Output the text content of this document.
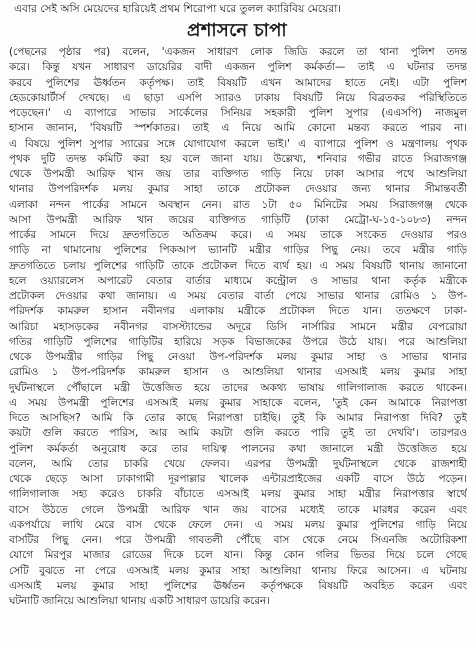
এবার সেই অসি মেয়েদের হারিয়েই প্রথম শিরোপা ঘরে তুলল ক্যারিবিয় মেয়েরা।
প্রশাসনে চাপা
(পেছনের পৃষ্ঠার পর) বলেন, 'একজন সাধারণ লোক জিডি করলে তা থানা পুলিশ তদন্ত
করে। কিন্তু যখন সাধারণ ডায়েরির বাদী একজন পুলিশ কর্মকর্তা— তাই এ ঘটনার তদন্ত
করবে পুলিশের ঊর্ধ্বতন কর্তৃপক্ষ। তাই বিষয়টি এখন আমাদের হাতে নেই। এটা পুলিশ
হেডকোয়ার্টার্স দেখছে। এ ছাড়া এসপি স্যারও ঢাকায় বিষয়টি নিয়ে বিব্রতকর পরিস্থিতিতে
পড়েছেন।' এ ব্যাপারে সাভার সার্কেলের সিনিয়র সহকারী পুলিশ সুপার (এএসপি) নাজমুল
হাসান জানান, 'বিষয়টি স্পর্শকাতর। তাই এ নিয়ে আমি কোনো মন্তব্য করতে পারব না।
এ বিষয়ে পুলিশ সুপার স্যারের সঙ্গে যোগাযোগ করলে ভাই।' এ ব্যাপারে পুলিশ ও মন্ত্রণালয় পৃথক
পৃথক দুটি তদন্ত কমিটি করা হয় বলে জানা যায়। উল্লেখ্য, শনিবার গভীর রাতে সিরাজগঞ্জ
থেকে উপমন্ত্রী আরিফ খান জয় তার ব্যক্তিগত গাড়ি নিয়ে ঢাকা আসার পথে আশুলিয়া
থানার উপপরিদর্শক মলয় কুমার সাহা তাকে প্রটোকল দেওয়ার জন্য থানার সীমান্তবর্তী
এলাকা নন্দন পার্কের সামনে অবস্থান নেন। রাত ১টা ৫০ মিনিটের সময় সিরাজগঞ্জ থেকে
আসা উপমন্ত্রী আরিফ খান জয়ের ব্যক্তিগত গাড়িটি (ঢাকা মেট্রো-ঘ-১৫-১০৮৩) নন্দন
পার্কের সামনে দিয়ে দ্রুতগতিতে অতিক্রম করে। এ সময় তাকে সংকেত দেওয়ার পরও
গাড়ি না থামানোয় পুলিশের পিকআপ ভ্যানটি মন্ত্রীর গাড়ির পিছু নেয়। তবে মন্ত্রীর গাড়ি
দ্রুতগতিতে চলায় পুলিশের গাড়িটি তাকে প্রটোকল দিতে ব্যর্থ হয়। এ সময় বিষয়টি থানায় জানানো
হলে ওয়্যারলেস অপারেট বেতার বার্তার মাধ্যমে কন্ট্রোল ও সাভার থানা কর্তৃক মন্ত্রীকে
প্রটোকল দেওয়ার কথা জানায়। এ সময় বেতার বার্তা পেয়ে সাভার থানার রোমিও ১ উপ-
পরিদর্শক কামরুল হাসান নবীনগর এলাকায় মন্ত্রীকে প্রটোকল দিতে যান। ততক্ষণে ঢাকা-
আরিচা মহাসড়কের নবীনগর বাসস্ট্যান্ডের অদূরে ডিসি নার্সারির সামনে মন্ত্রীর বেপরোয়া
গতির গাড়িটি পুলিশের গাড়িটির হারিয়ে সড়ক বিভাজকের উপরে উঠে যায়। পরে আশুলিয়া
থেকে উপমন্ত্রীর গাড়ির পিছু নেওয়া উপ-পরিদর্শক মলয় কুমার সাহা ও সাভার থানার
রোমিও ১ উপ-পরিদর্শক কামরুল হাসান ও আশুলিয়া থানার এসআই মলয় কুমার সাহা
দুর্ঘটনাস্থলে পৌঁছালে মন্ত্রী উত্তেজিত হয়ে তাদের অকথ্য ভাষায় গালিগালাজ করতে থাকেন।
এ সময় উপমন্ত্রী পুলিশের এসআই মলয় কুমার সাহাকে বলেন, 'তুই কেন আমাকে নিরাপত্তা
দিতে আসছিস? আমি কি তোর কাছে নিরাপত্তা চাইছি। তুই কি আমার নিরাপত্তা দিবি? তুই
কয়টা গুলি করতে পারিস, আর আমি কয়টা গুলি করতে পারি তুই তা দেখবি'। তারপরও
পুলিশ কর্মকর্তা অনুরোধ করে তার দায়িত্ব পালনের কথা জানালে মন্ত্রী উত্তেজিত হয়ে
বলেন, আমি তোর চাকরি খেয়ে ফেলব। এরপর উপমন্ত্রী দুর্ঘটনাস্থলে থেকে রাজশাহী
থেকে ছেড়ে আসা ঢাকাগামী দূরপাল্লার খালেক এন্টারপ্রাইজের একটি বাসে উঠে পড়েন।
গালিগালাজ সহ্য করেও চাকরি বাঁচাতে এসআই মলয় কুমার সাহা মন্ত্রীর নিরাপত্তার স্বার্থে
বাসে উঠতে গেলে উপমন্ত্রী আরিফ খান জয় বাসের মধ্যেই তাকে মারধর করেন এবং
একপর্যায়ে লাথি মেরে বাস থেকে ফেলে দেন। এ সময় মলয় কুমার পুলিশের গাড়ি নিয়ে
বাসটির পিছু নেন। পরে উপমন্ত্রী গাবতলী পৌঁছে বাস থেকে নেমে সিএনজি অটোরিকশা
যোগে মিরপুর মাজার রোডের দিকে চলে যান। কিন্তু কোন গলির ভিতর দিয়ে চলে গেছে
সেটি বুঝতে না পেরে এসআই মলয় কুমার সাহা আশুলিয়া থানায় ফিরে আসেন। এ ঘটনায়
এসআই মলয় কুমার সাহা পুলিশের ঊর্ধ্বতন কর্তৃপক্ষকে বিষয়টি অবহিত করেন এবং
ঘটনাটি জানিয়ে আশুলিয়া থানায় একটি সাধারণ ডায়েরি করেন।
